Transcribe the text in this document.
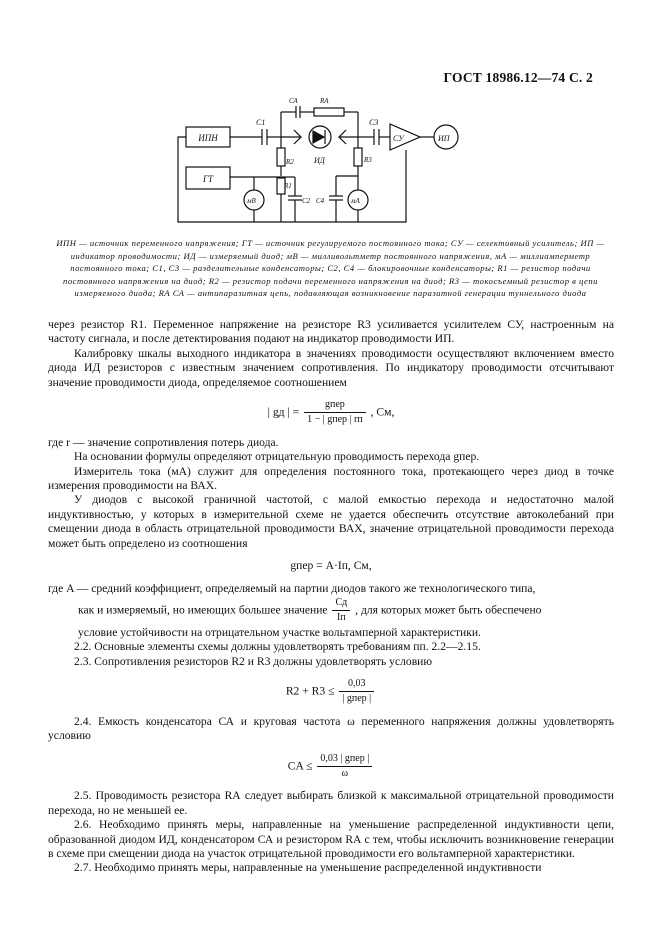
ГОСТ 18986.12—74 С. 2
ИПН
ГТ
С1
СА	RА
ИД
R2
R1
мВ	С2
R3
С4	мА
С3
СУ	ИП
ИПН — источник переменного напряжения; ГТ — источник регулируемого постоянного тока; СУ — селективный усилитель; ИП — индикатор проводимости; ИД — измеряемый диод; мВ — милливольтметр постоянного напряжения, мА — миллиамперметр постоянного тока; С1, С3 — разделительные конденсаторы; С2, С4 — блокировочные конденсаторы; R1 — резистор подачи постоянного напряжения на диод; R2 — резистор подачи переменного напряжения на диод; R3 — токосъемный резистор в цепи измеряемого диода; RА СА — антипаразитная цепь, подавляющая возникновение паразитной генерации туннельного диода

через резистор R1. Переменное напряжение на резисторе R3 усиливается усилителем СУ, настроенным на частоту сигнала, и после детектирования подают на индикатор проводимости ИП.

Калибровку шкалы выходного индикатора в значениях проводимости осуществляют включением вместо диода ИД резисторов с известным значением сопротивления. По индикатору проводимости отсчитывают значение проводимости диода, определяемое соотношением

| gд | = $\frac{\text{gпер}}{\text{1 − | gпер | rп}}$ , См,

где r — значение сопротивления потерь диода.

На основании формулы определяют отрицательную проводимость перехода gпер.

Измеритель тока (мА) служит для определения постоянного тока, протекающего через диод в точке измерения проводимости на ВАХ.

У диодов с высокой граничной частотой, с малой емкостью перехода и недостаточно малой индуктивностью, у которых в измерительной схеме не удается обеспечить отсутствие автоколебаний при смещении диода в область отрицательной проводимости ВАХ, значение отрицательной проводимости перехода может быть определено из соотношения

gпер = A·Iп, См,

где A — средний коэффициент, определяемый на партии диодов такого же технологического типа,

как и измеряемый, но имеющих большее значение $\frac{Cд}{Iп}$ , для которых может быть обеспечено

условие устойчивости на отрицательном участке вольтамперной характеристики.

2.2. Основные элементы схемы должны удовлетворять требованиям пп. 2.2—2.15.

2.3. Сопротивления резисторов R2 и R3 должны удовлетворять условию

$R2 + R3 \le \frac{0,03}{\text{| gпер |}}$

2.4. Емкость конденсатора СА и круговая частота ω переменного напряжения должны удовлетворять условию

CA ≤ $\frac{\text{0,03 | gпер |}}{\omega}$

2.5. Проводимость резистора RА следует выбирать близкой к максимальной отрицательной проводимости перехода, но не меньшей ее.

2.6. Необходимо принять меры, направленные на уменьшение распределенной индуктивности цепи, образованной диодом ИД, конденсатором СА и резистором RА с тем, чтобы исключить возникновение генерации в схеме при смещении диода на участок отрицательной проводимости его вольтамперной характеристики.

2.7. Необходимо принять меры, направленные на уменьшение распределенной индуктивности
